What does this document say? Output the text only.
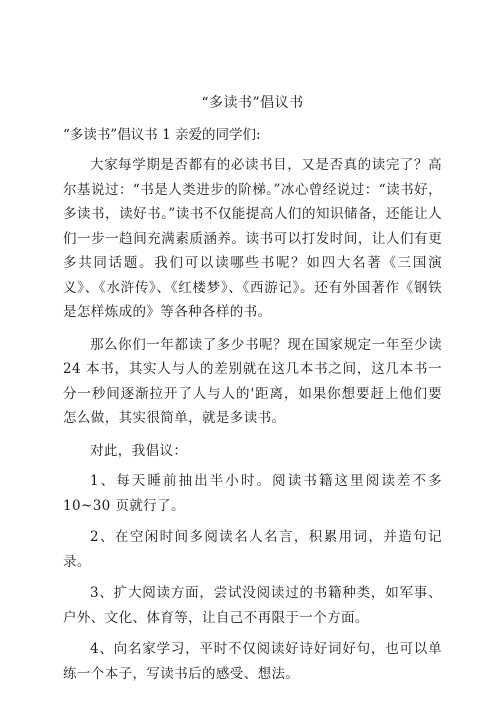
“多读书”倡议书
“多读书”倡议书 1 亲爱的同学们:

大家每学期是否都有的必读书目，又是否真的读完了？高尔基说过：“书是人类进步的阶梯。”冰心曾经说过：“读书好，多读书，读好书。”读书不仅能提高人们的知识储备，还能让人们一步一趋间充满素质涵养。读书可以打发时间，让人们有更多共同话题。我们可以读哪些书呢？如四大名著《三国演义》、《水浒传》、《红楼梦》、《西游记》。还有外国著作《钢铁是怎样炼成的》等各种各样的书。

那么你们一年都读了多少书呢？现在国家规定一年至少读 24 本书，其实人与人的差别就在这几本书之间，这几本书一分一秒间逐渐拉开了人与人的'距离，如果你想要赶上他们要怎么做，其实很简单，就是多读书。

对此，我倡议：

1、每天睡前抽出半小时。阅读书籍这里阅读差不多 10~30 页就行了。

2、在空闲时间多阅读名人名言，积累用词，并造句记录。

3、扩大阅读方面，尝试没阅读过的书籍种类，如军事、户外、文化、体育等，让自己不再限于一个方面。

4、向名家学习，平时不仅阅读好诗好词好句，也可以单练一个本子，写读书后的感受、想法。
